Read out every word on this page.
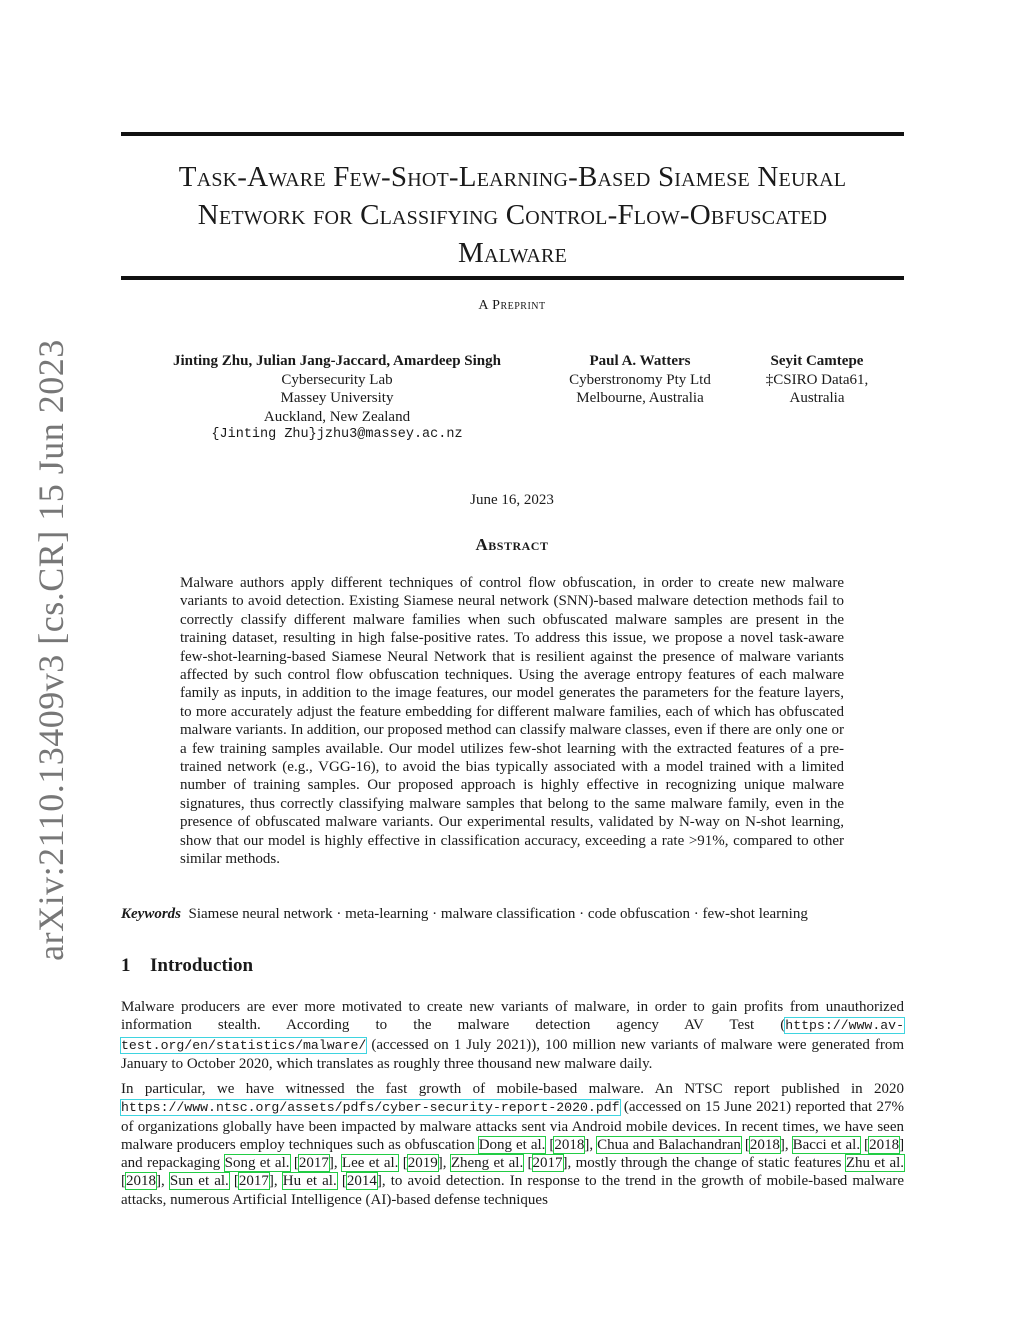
arXiv:2110.13409v3 [cs.CR] 15 Jun 2023
Task-Aware Few-Shot-Learning-Based Siamese Neural
Network for Classifying Control-Flow-Obfuscated
Malware
A Preprint
Jinting Zhu, Julian Jang-Jaccard, Amardeep Singh
Cybersecurity Lab
Massey University
Auckland, New Zealand
{Jinting Zhu}jzhu3@massey.ac.nz
Paul A. Watters
Cyberstronomy Pty Ltd
Melbourne, Australia
Seyit Camtepe
‡CSIRO Data61,
Australia
June 16, 2023
Abstract
Malware authors apply different techniques of control flow obfuscation, in order to create new malware variants to avoid detection. Existing Siamese neural network (SNN)-based malware detection methods fail to correctly classify different malware families when such obfuscated malware samples are present in the training dataset, resulting in high false-positive rates. To address this issue, we propose a novel task-aware few-shot-learning-based Siamese Neural Network that is resilient against the presence of malware variants affected by such control flow obfuscation techniques. Using the average entropy features of each malware family as inputs, in addition to the image features, our model generates the parameters for the feature layers, to more accurately adjust the feature embedding for different malware families, each of which has obfuscated malware variants. In addition, our proposed method can classify malware classes, even if there are only one or a few training samples available. Our model utilizes few-shot learning with the extracted features of a pre-trained network (e.g., VGG-16), to avoid the bias typically associated with a model trained with a limited number of training samples. Our proposed approach is highly effective in recognizing unique malware signatures, thus correctly classifying malware samples that belong to the same malware family, even in the presence of obfuscated malware variants. Our experimental results, validated by N-way on N-shot learning, show that our model is highly effective in classification accuracy, exceeding a rate >91%, compared to other similar methods.
Keywords Siamese neural network · meta-learning · malware classification · code obfuscation · few-shot learning
1 Introduction
Malware producers are ever more motivated to create new variants of malware, in order to gain profits from unauthorized information stealth. According to the malware detection agency AV Test (https://www.av-test.org/en/statistics/malware/ (accessed on 1 July 2021)), 100 million new variants of malware were generated from January to October 2020, which translates as roughly three thousand new malware daily.
In particular, we have witnessed the fast growth of mobile-based malware. An NTSC report published in 2020 https://www.ntsc.org/assets/pdfs/cyber-security-report-2020.pdf (accessed on 15 June 2021) reported that 27% of organizations globally have been impacted by malware attacks sent via Android mobile devices. In recent times, we have seen malware producers employ techniques such as obfuscation Dong et al. [2018], Chua and Balachandran [2018], Bacci et al. [2018] and repackaging Song et al. [2017], Lee et al. [2019], Zheng et al. [2017], mostly through the change of static features Zhu et al. [2018], Sun et al. [2017], Hu et al. [2014], to avoid detection. In response to the trend in the growth of mobile-based malware attacks, numerous Artificial Intelligence (AI)-based defense techniques
